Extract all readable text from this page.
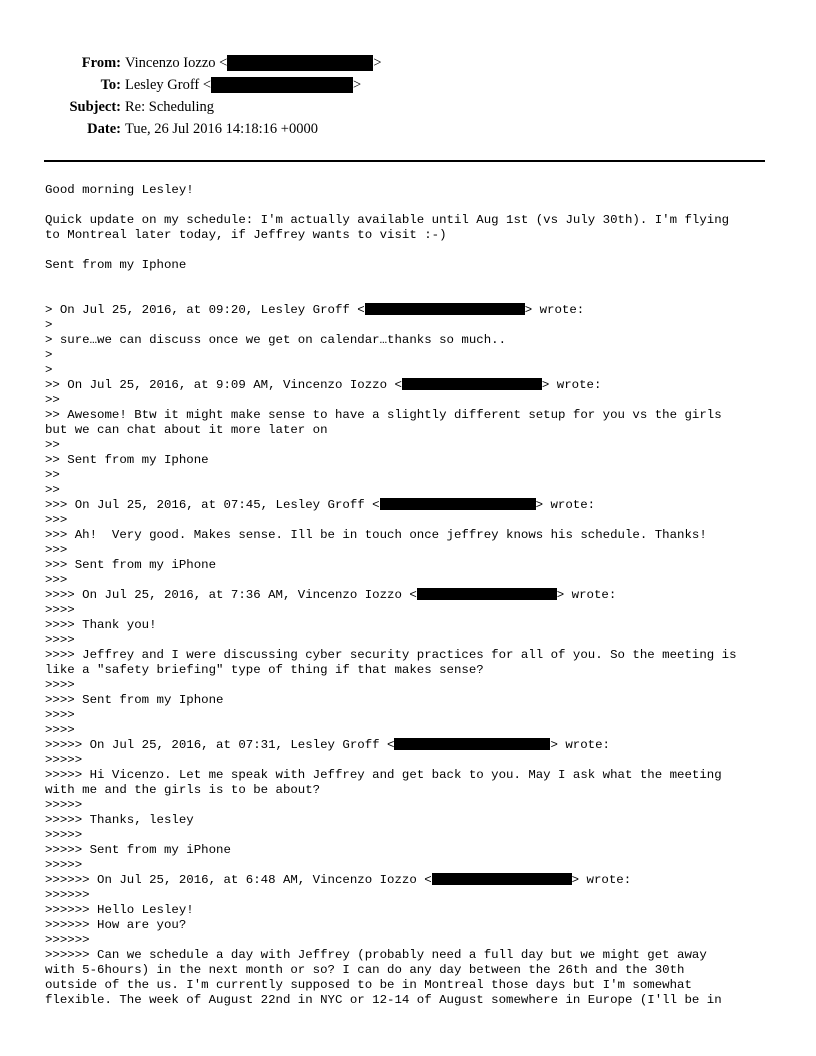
From: Vincenzo Iozzo <	>
To: Lesley Groff <	>
Subject: Re: Scheduling
Date: Tue, 26 Jul 2016 14:18:16 +0000
Good morning Lesley!
Quick update on my schedule: I'm actually available until Aug 1st (vs July 30th). I'm flying
to Montreal later today, if Jeffrey wants to visit :-)
Sent from my Iphone
> On Jul 25, 2016, at 09:20, Lesley Groff <	> wrote:
>
> sure…we can discuss once we get on calendar…thanks so much..
>
>
>> On Jul 25, 2016, at 9:09 AM, Vincenzo Iozzo <	> wrote:
>>
>> Awesome! Btw it might make sense to have a slightly different setup for you vs the girls
but we can chat about it more later on
>>
>> Sent from my Iphone
>>
>>
>>> On Jul 25, 2016, at 07:45, Lesley Groff <	> wrote:
>>>
>>> Ah!  Very good. Makes sense. Ill be in touch once jeffrey knows his schedule. Thanks!
>>>
>>> Sent from my iPhone
>>>
>>>> On Jul 25, 2016, at 7:36 AM, Vincenzo Iozzo <	> wrote:
>>>>
>>>> Thank you!
>>>>
>>>> Jeffrey and I were discussing cyber security practices for all of you. So the meeting is
like a "safety briefing" type of thing if that makes sense?
>>>>
>>>> Sent from my Iphone
>>>>
>>>>
>>>>> On Jul 25, 2016, at 07:31, Lesley Groff <	> wrote:
>>>>>
>>>>> Hi Vicenzo. Let me speak with Jeffrey and get back to you. May I ask what the meeting
with me and the girls is to be about?
>>>>>
>>>>> Thanks, lesley
>>>>>
>>>>> Sent from my iPhone
>>>>>
>>>>>> On Jul 25, 2016, at 6:48 AM, Vincenzo Iozzo <	> wrote:
>>>>>>
>>>>>> Hello Lesley!
>>>>>> How are you?
>>>>>>
>>>>>> Can we schedule a day with Jeffrey (probably need a full day but we might get away
with 5-6hours) in the next month or so? I can do any day between the 26th and the 30th
outside of the us. I'm currently supposed to be in Montreal those days but I'm somewhat
flexible. The week of August 22nd in NYC or 12-14 of August somewhere in Europe (I'll be in
